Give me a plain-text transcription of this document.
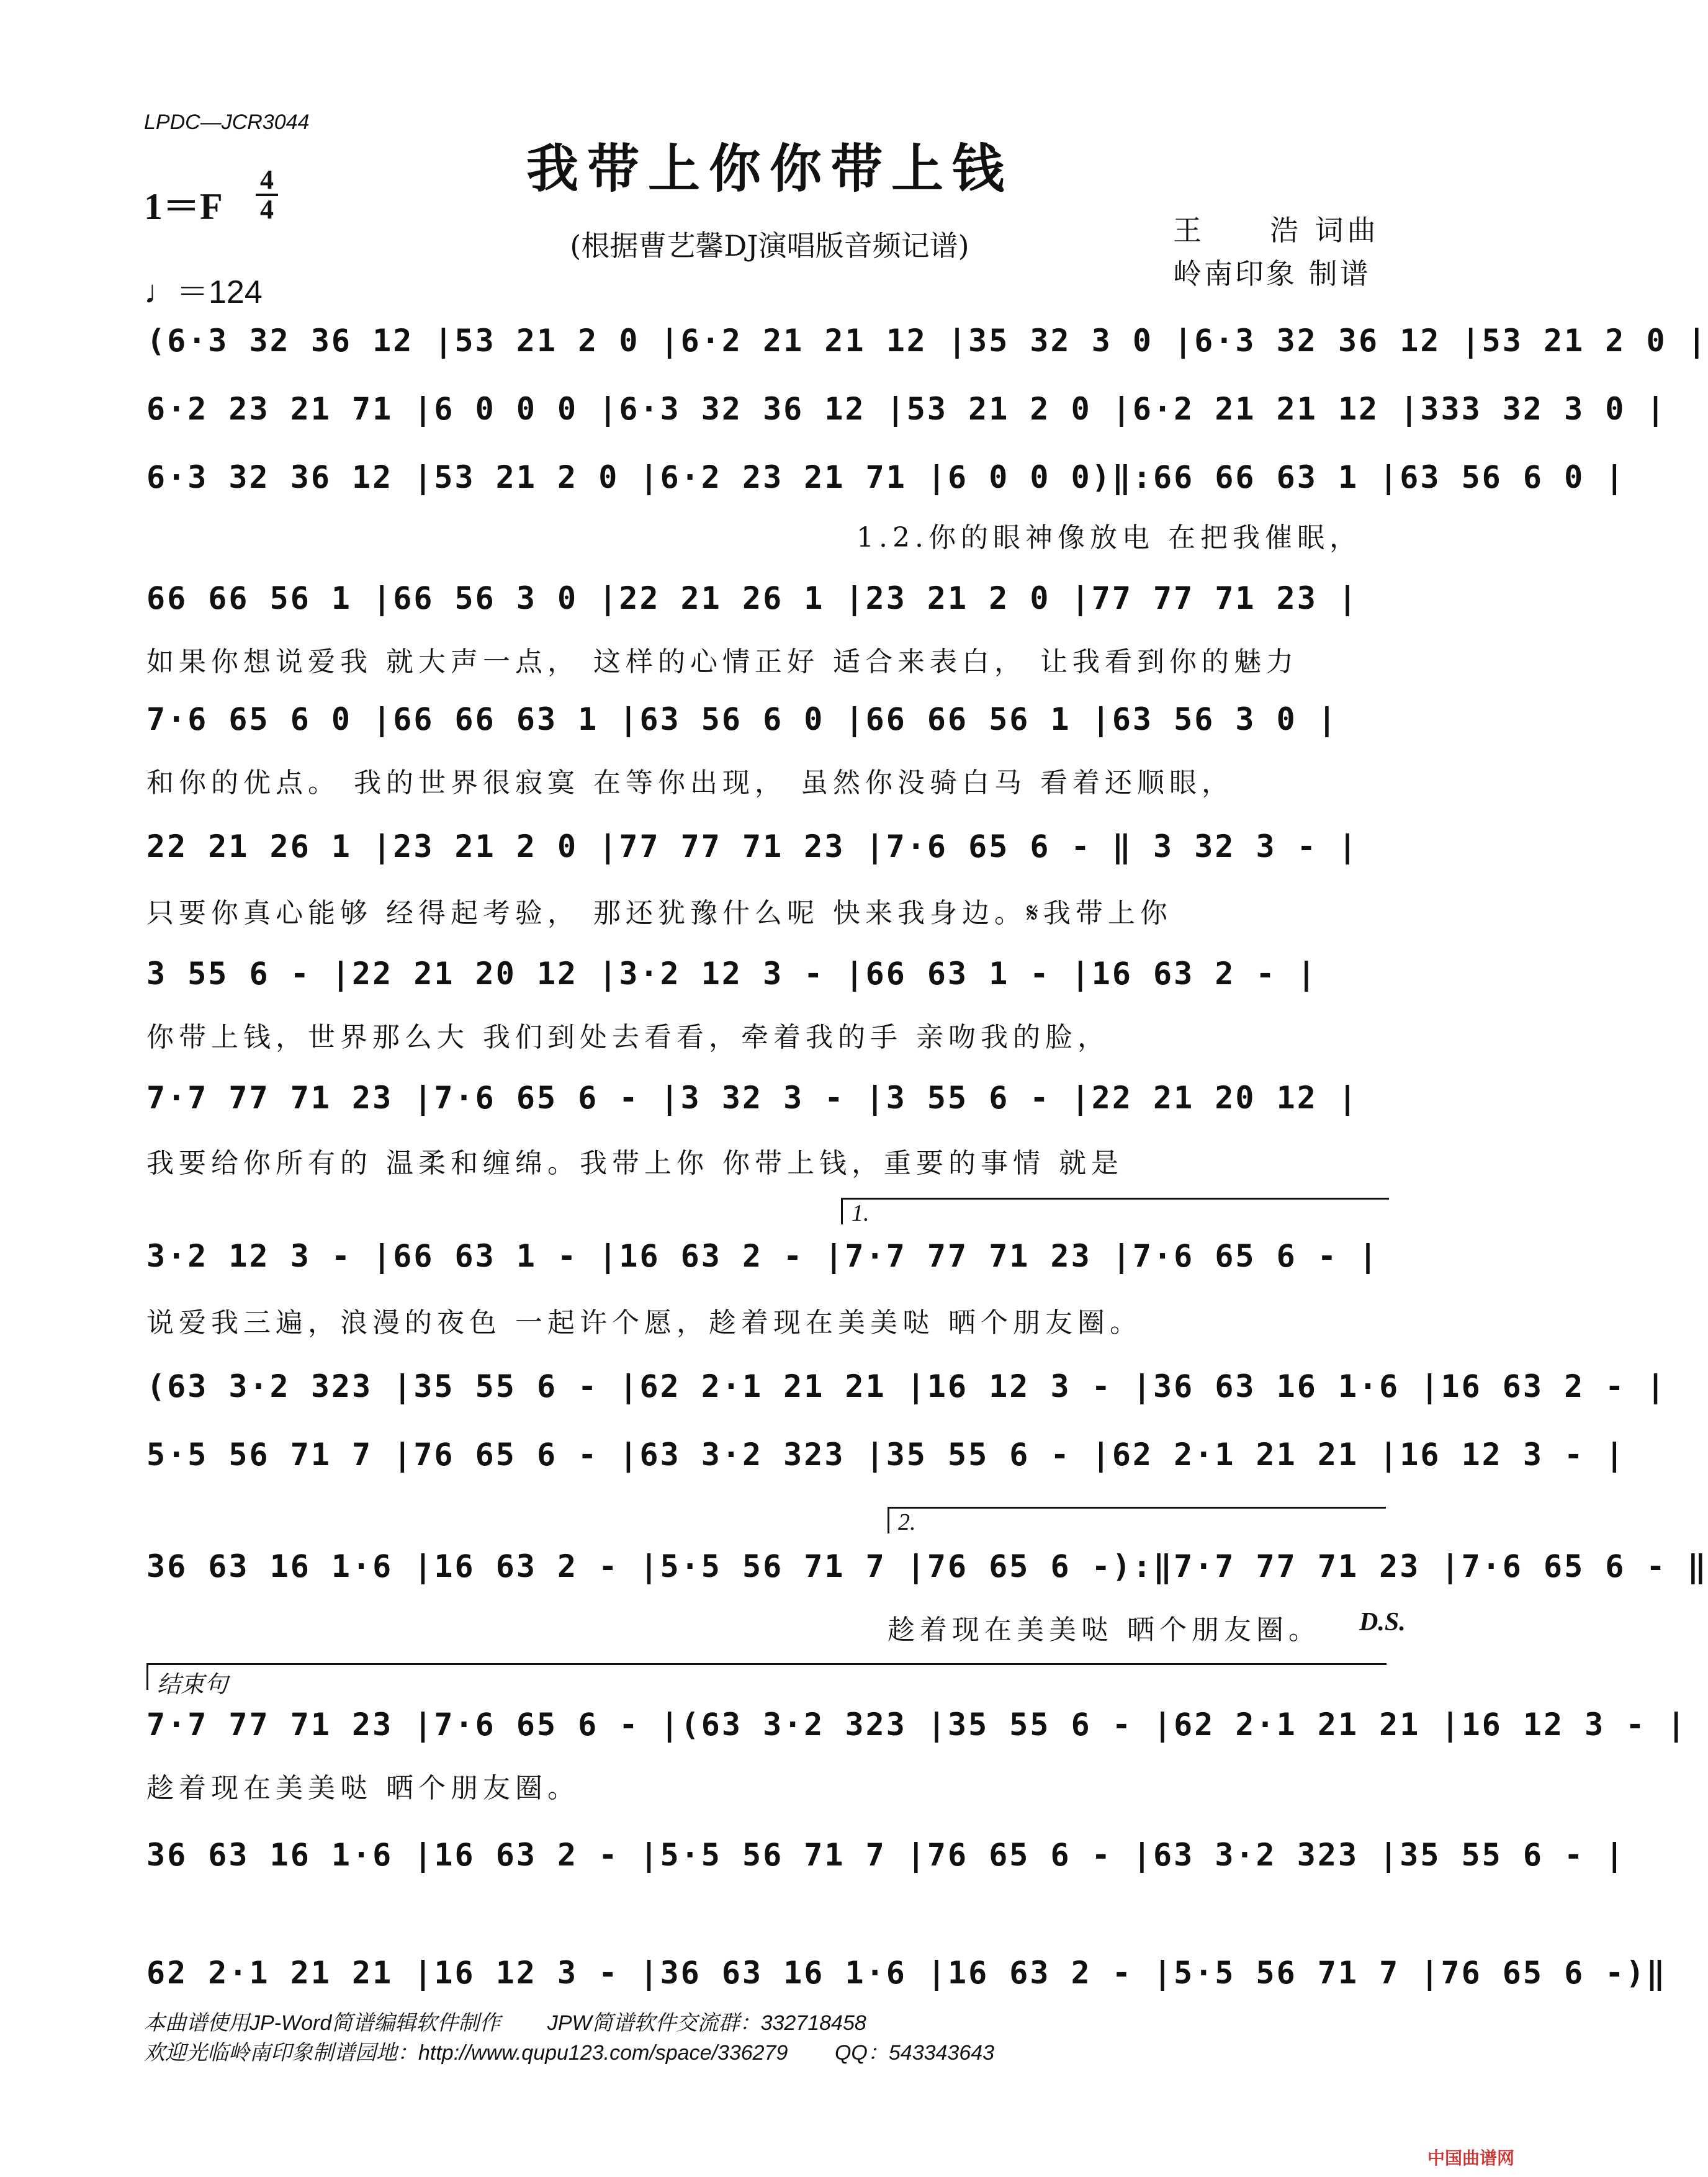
LPDC—JCR3044
我带上你你带上钱
(根据曹艺馨DJ演唱版音频记谱)
1＝F
4
4
♩＝124
王　　浩 词曲
岭南印象 制谱
(6·3 32 36 12 |53 21 2 0 |6·2 21 21 12 |35 32 3 0 |6·3 32 36 12 |53 21 2 0 |
6·2 23 21 71 |6 0 0 0 |6·3 32 36 12 |53 21 2 0 |6·2 21 21 12 |333 32 3 0 |
6·3 32 36 12 |53 21 2 0 |6·2 23 21 71 |6 0 0 0)‖:66 66 63 1 |63 56 6 0 |
1.2.你的眼神像放电 在把我催眠，
66 66 56 1 |66 56 3 0 |22 21 26 1 |23 21 2 0 |77 77 71 23 |
如果你想说爱我 就大声一点， 这样的心情正好 适合来表白， 让我看到你的魅力
7·6 65 6 0 |66 66 63 1 |63 56 6 0 |66 66 56 1 |63 56 3 0 |
和你的优点。 我的世界很寂寞 在等你出现， 虽然你没骑白马 看着还顺眼，
22 21 26 1 |23 21 2 0 |77 77 71 23 |7·6 65 6 - ‖ 3 32 3 - |
只要你真心能够 经得起考验， 那还犹豫什么呢 快来我身边。𝄋我带上你
3 55 6 - |22 21 20 12 |3·2 12 3 - |66 63 1 - |16 63 2 - |
你带上钱，世界那么大 我们到处去看看，牵着我的手 亲吻我的脸，
7·7 77 71 23 |7·6 65 6 - |3 32 3 - |3 55 6 - |22 21 20 12 |
我要给你所有的 温柔和缠绵。我带上你 你带上钱，重要的事情 就是
1.
3·2 12 3 - |66 63 1 - |16 63 2 - |7·7 77 71 23 |7·6 65 6 - |
说爱我三遍，浪漫的夜色 一起许个愿，趁着现在美美哒 晒个朋友圈。
(63 3·2 323 |35 55 6 - |62 2·1 21 21 |16 12 3 - |36 63 16 1·6 |16 63 2 - |
5·5 56 71 7 |76 65 6 - |63 3·2 323 |35 55 6 - |62 2·1 21 21 |16 12 3 - |
2.
36 63 16 1·6 |16 63 2 - |5·5 56 71 7 |76 65 6 -):‖7·7 77 71 23 |7·6 65 6 - ‖
趁着现在美美哒 晒个朋友圈。 D.S.
结束句
7·7 77 71 23 |7·6 65 6 - |(63 3·2 323 |35 55 6 - |62 2·1 21 21 |16 12 3 - |
趁着现在美美哒 晒个朋友圈。
36 63 16 1·6 |16 63 2 - |5·5 56 71 7 |76 65 6 - |63 3·2 323 |35 55 6 - |
62 2·1 21 21 |16 12 3 - |36 63 16 1·6 |16 63 2 - |5·5 56 71 7 |76 65 6 -)‖
本曲谱使用JP-Word简谱编辑软件制作 JPW简谱软件交流群：332718458
欢迎光临岭南印象制谱园地：http://www.qupu123.com/space/336279 QQ：543343643
中国曲谱网
